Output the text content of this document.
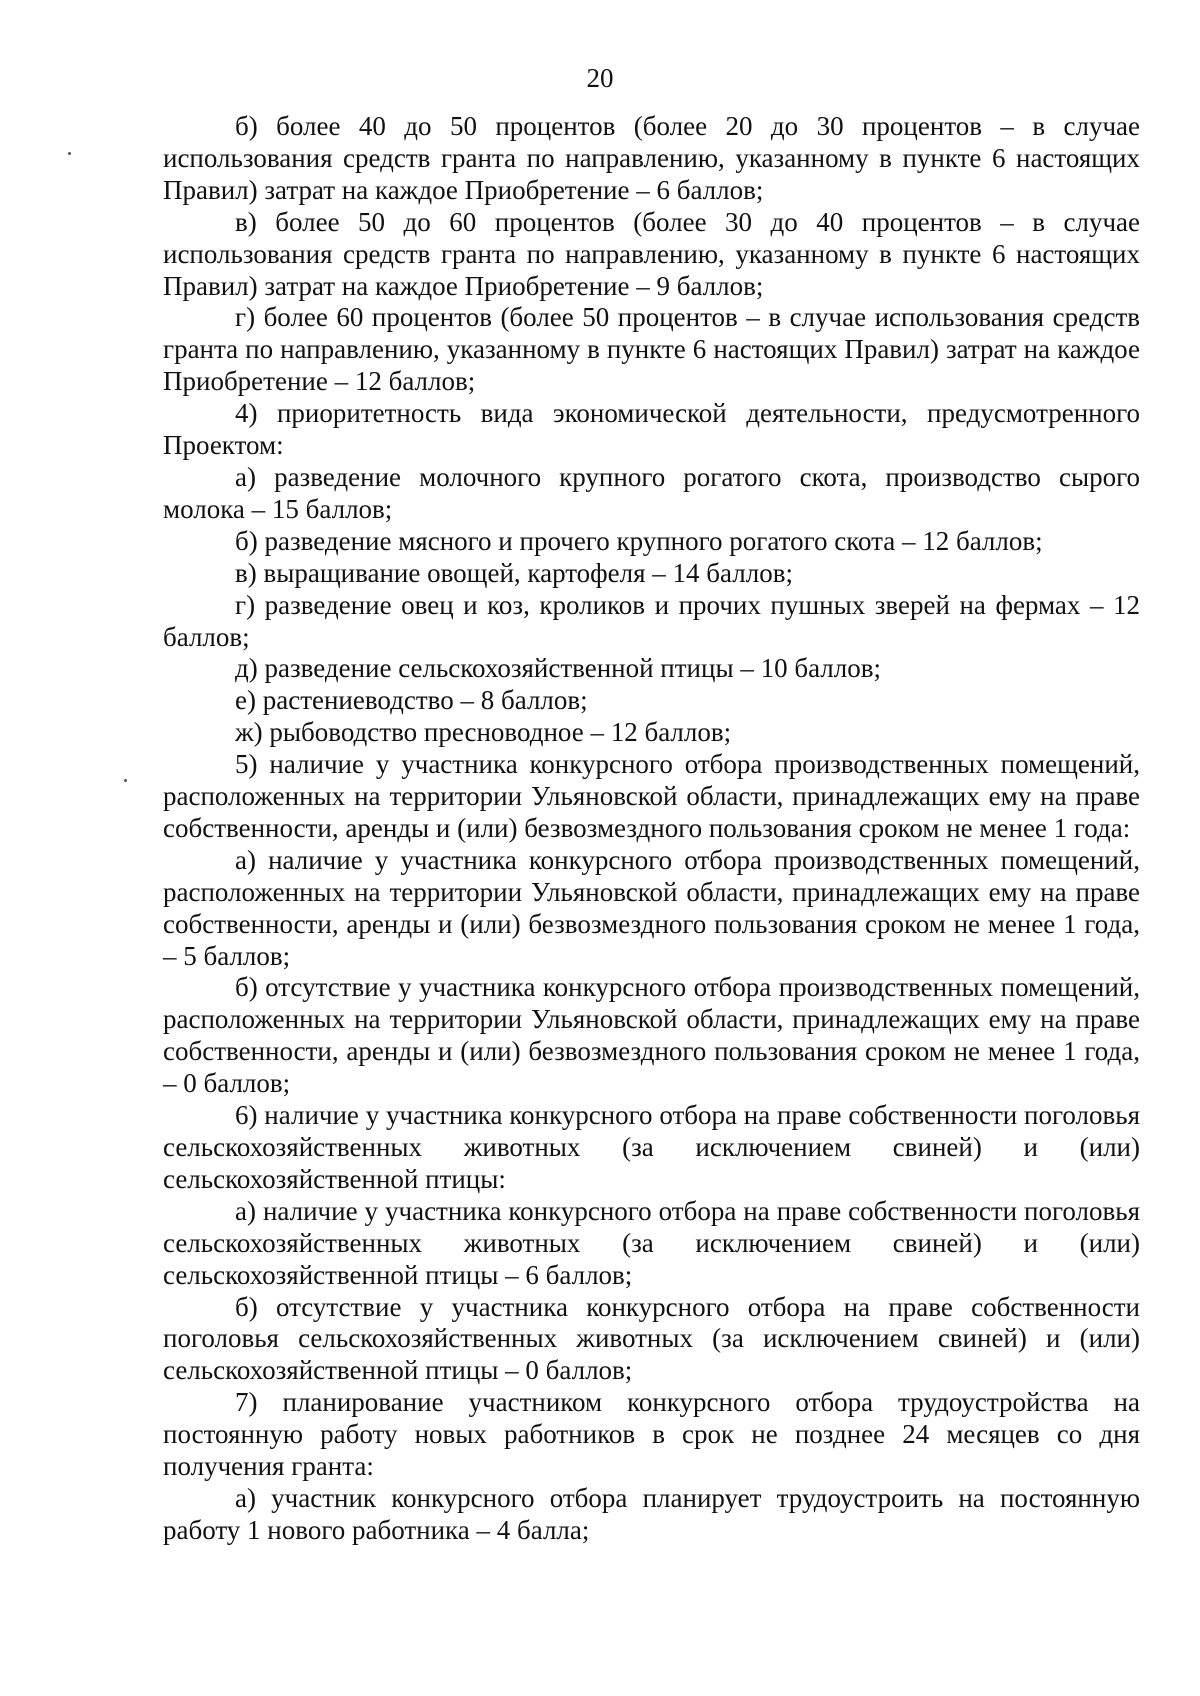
20

б) более 40 до 50 процентов (более 20 до 30 процентов – в случае использования средств гранта по направлению, указанному в пункте 6 настоящих Правил) затрат на каждое Приобретение – 6 баллов;

в) более 50 до 60 процентов (более 30 до 40 процентов – в случае использования средств гранта по направлению, указанному в пункте 6 настоящих Правил) затрат на каждое Приобретение – 9 баллов;

г) более 60 процентов (более 50 процентов – в случае использования средств гранта по направлению, указанному в пункте 6 настоящих Правил) затрат на каждое Приобретение – 12 баллов;

4) приоритетность вида экономической деятельности, предусмотренного Проектом:

а) разведение молочного крупного рогатого скота, производство сырого молока – 15 баллов;

б) разведение мясного и прочего крупного рогатого скота – 12 баллов;

в) выращивание овощей, картофеля – 14 баллов;

г) разведение овец и коз, кроликов и прочих пушных зверей на фермах – 12 баллов;

д) разведение сельскохозяйственной птицы – 10 баллов;

е) растениеводство – 8 баллов;

ж) рыбоводство пресноводное – 12 баллов;

5) наличие у участника конкурсного отбора производственных помещений, расположенных на территории Ульяновской области, принадлежащих ему на праве собственности, аренды и (или) безвозмездного пользования сроком не менее 1 года:

а) наличие у участника конкурсного отбора производственных помещений, расположенных на территории Ульяновской области, принадлежащих ему на праве собственности, аренды и (или) безвозмездного пользования сроком не менее 1 года, – 5 баллов;

б) отсутствие у участника конкурсного отбора производственных помещений, расположенных на территории Ульяновской области, принадлежащих ему на праве собственности, аренды и (или) безвозмездного пользования сроком не менее 1 года, – 0 баллов;

6) наличие у участника конкурсного отбора на праве собственности поголовья сельскохозяйственных животных (за исключением свиней) и (или) сельскохозяйственной птицы:

а) наличие у участника конкурсного отбора на праве собственности поголовья сельскохозяйственных животных (за исключением свиней) и (или) сельскохозяйственной птицы – 6 баллов;

б) отсутствие у участника конкурсного отбора на праве собственности поголовья сельскохозяйственных животных (за исключением свиней) и (или) сельскохозяйственной птицы – 0 баллов;

7) планирование участником конкурсного отбора трудоустройства на постоянную работу новых работников в срок не позднее 24 месяцев со дня получения гранта:

а) участник конкурсного отбора планирует трудоустроить на постоянную работу 1 нового работника – 4 балла;
